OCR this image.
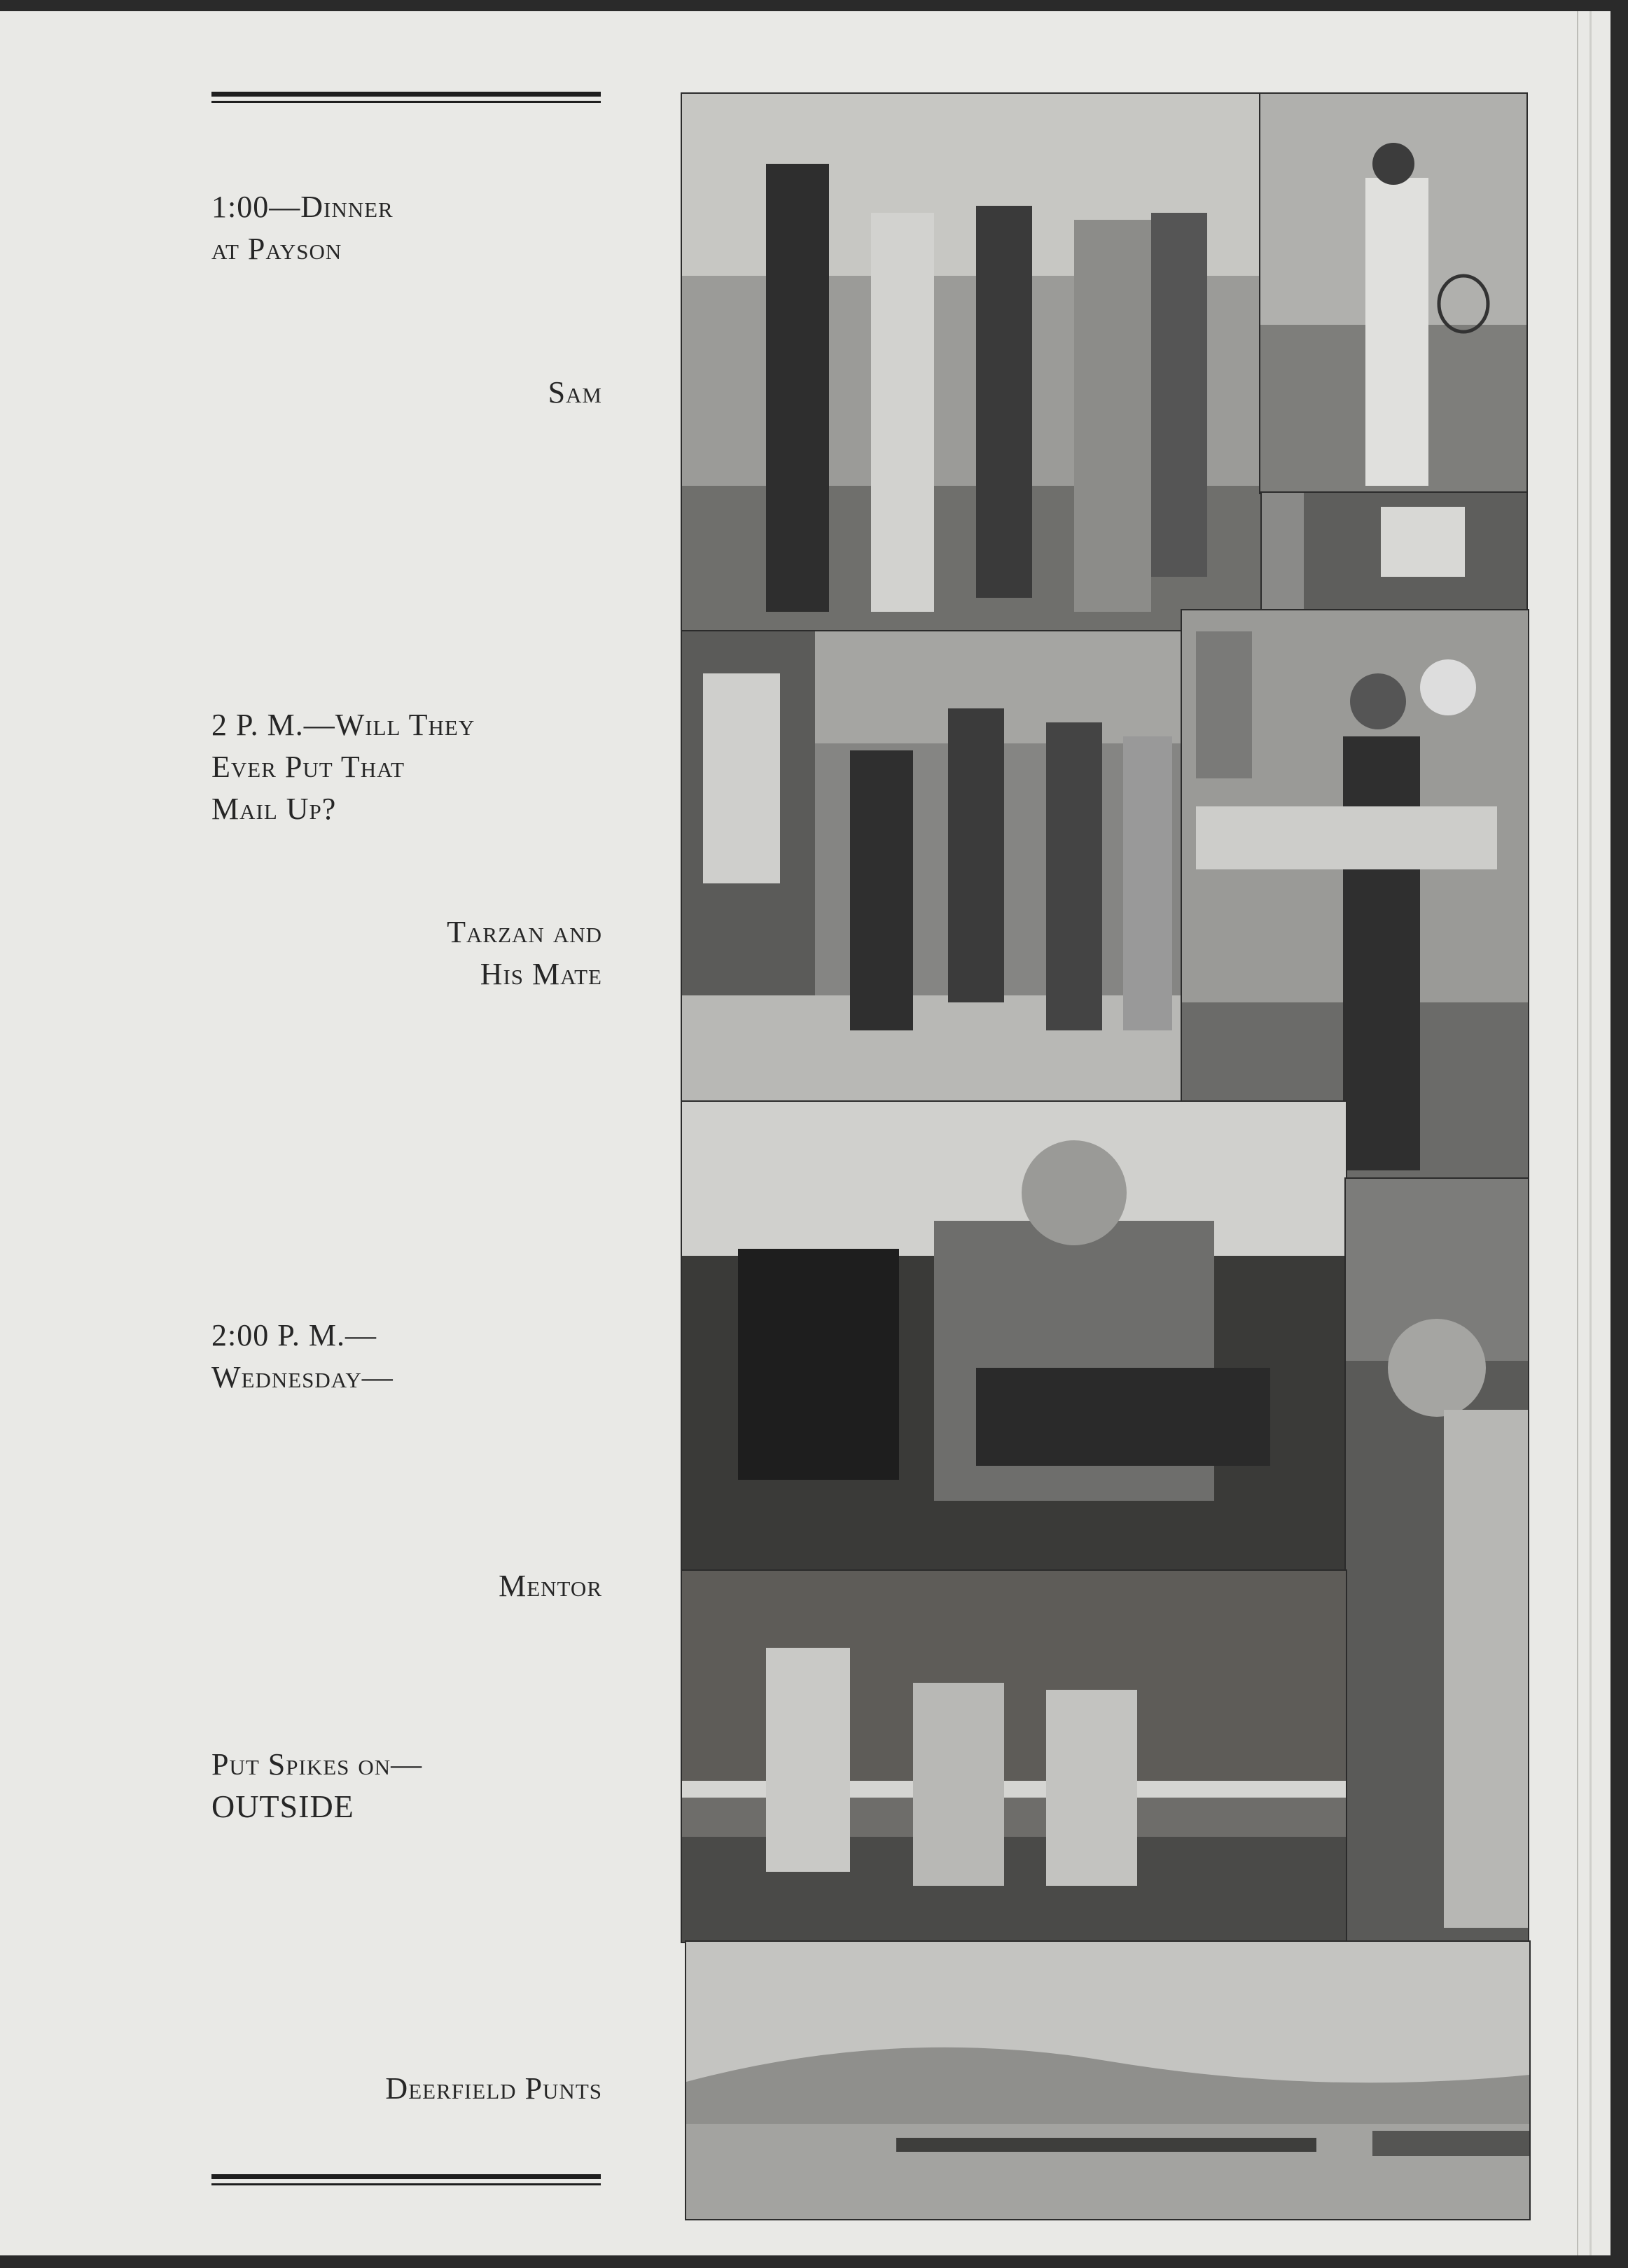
1:00—Dinner
at Payson
Sam
2 P. M.—Will They
Ever Put That
Mail Up?
Tarzan and
His Mate
2:00 P. M.—
Wednesday—
Mentor
Put Spikes on—
OUTSIDE
Deerfield Punts
